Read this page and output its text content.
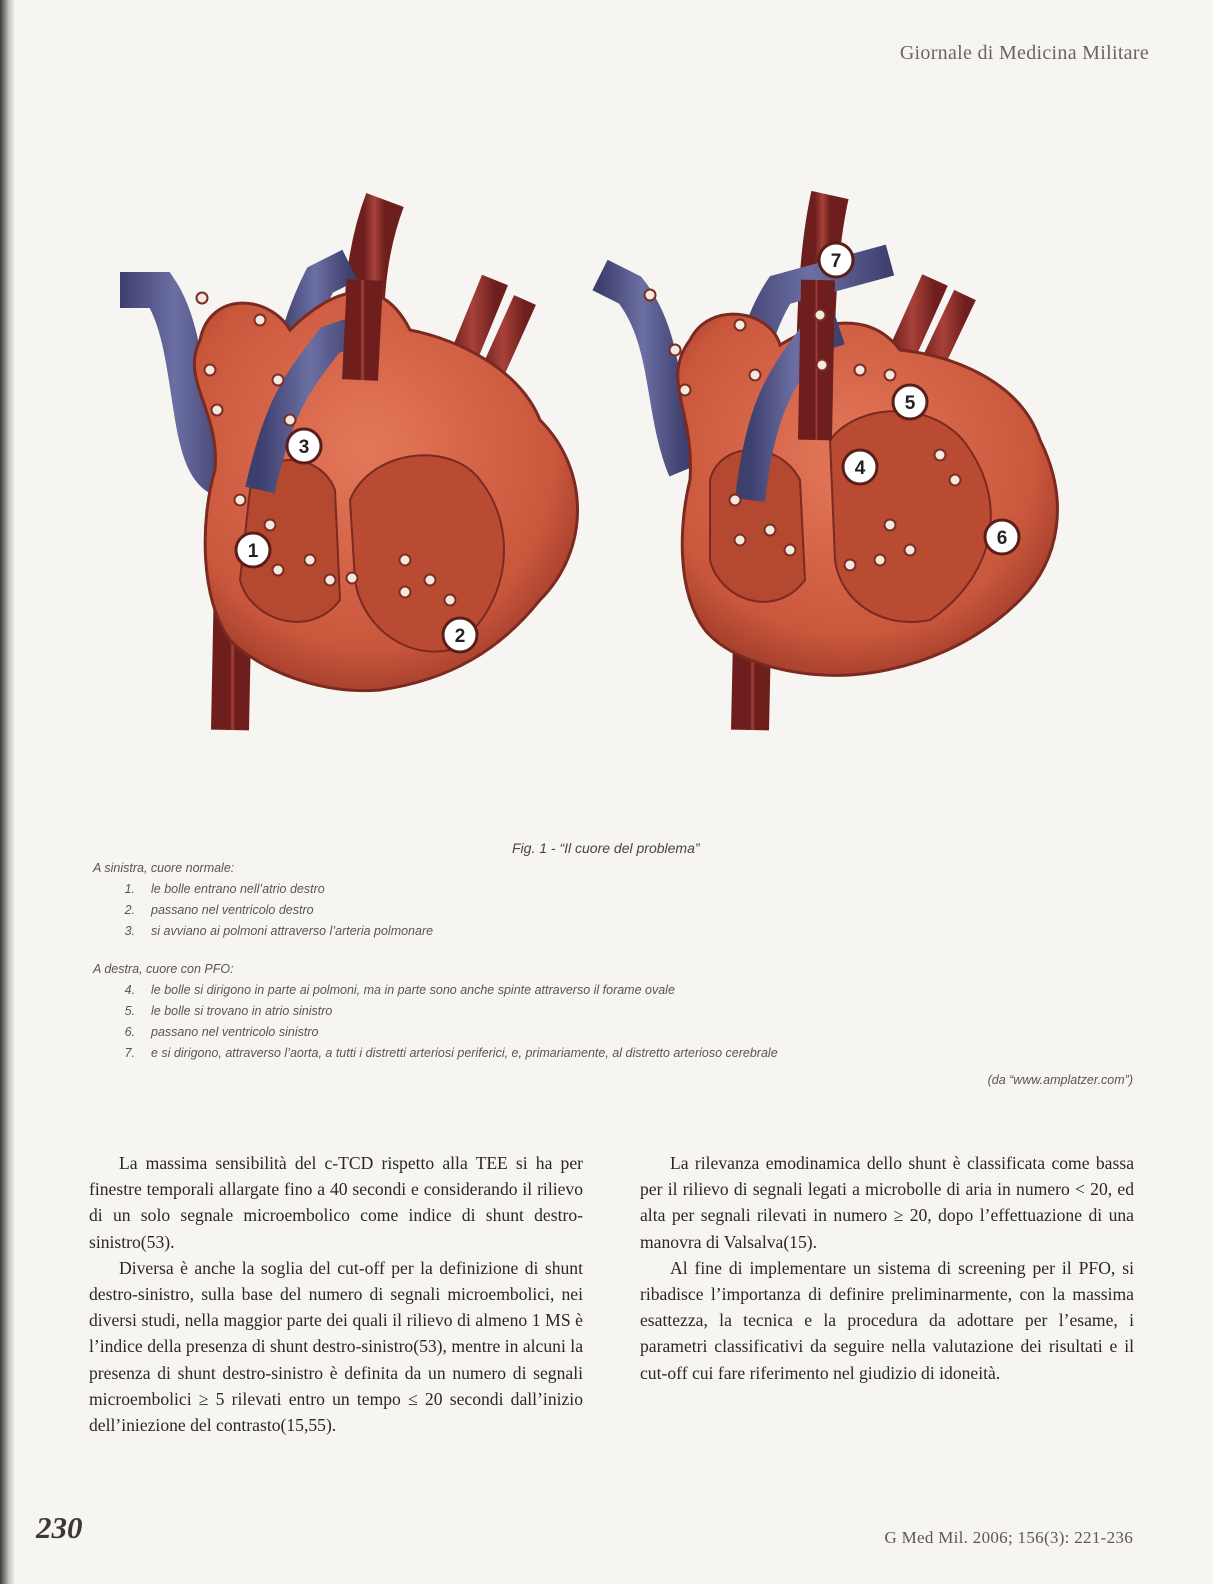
Giornale di Medicina Militare
1
2
3
4
5
6
7
Fig. 1 - “Il cuore del problema”
A sinistra, cuore normale:
1.	le bolle entrano nell’atrio destro
2.	passano nel ventricolo destro
3.	si avviano ai polmoni attraverso l’arteria polmonare
A destra, cuore con PFO:
4.	le bolle si dirigono in parte ai polmoni, ma in parte sono anche spinte attraverso il forame ovale
5.	le bolle si trovano in atrio sinistro
6.	passano nel ventricolo sinistro
7.	e si dirigono, attraverso l’aorta, a tutti i distretti arteriosi periferici, e, primariamente, al distretto arterioso cerebrale
(da “www.amplatzer.com”)

La massima sensibilità del c-TCD rispetto alla TEE si ha per finestre temporali allargate fino a 40 secondi e considerando il rilievo di un solo segnale microembolico come indice di shunt destro-sinistro(53).

Diversa è anche la soglia del cut-off per la definizione di shunt destro-sinistro, sulla base del numero di segnali microembolici, nei diversi studi, nella maggior parte dei quali il rilievo di almeno 1 MS è l’indice della presenza di shunt destro-sinistro(53), mentre in alcuni la presenza di shunt destro-sinistro è definita da un numero di segnali microembolici ≥ 5 rilevati entro un tempo ≤ 20 secondi dall’inizio dell’iniezione del contrasto(15,55).

La rilevanza emodinamica dello shunt è classificata come bassa per il rilievo di segnali legati a microbolle di aria in numero < 20, ed alta per segnali rilevati in numero ≥ 20, dopo l’effettuazione di una manovra di Valsalva(15).

Al fine di implementare un sistema di screening per il PFO, si ribadisce l’importanza di definire preliminarmente, con la massima esattezza, la tecnica e la procedura da adottare per l’esame, i parametri classificativi da seguire nella valutazione dei risultati e il cut-off cui fare riferimento nel giudizio di idoneità.

230	G Med Mil. 2006; 156(3): 221-236
